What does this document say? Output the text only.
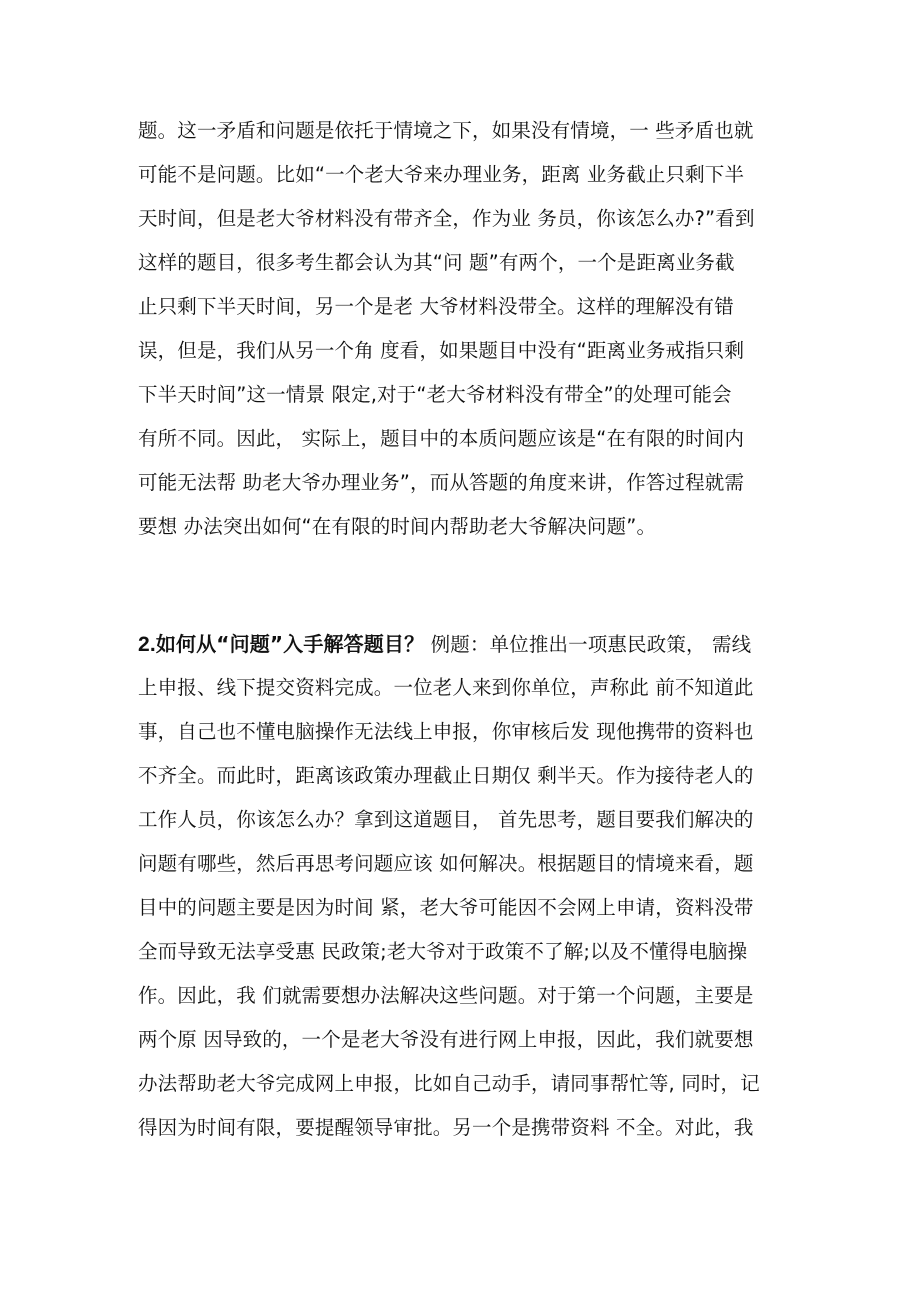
题。这一矛盾和问题是依托于情境之下，如果没有情境，一 些矛盾也就
可能不是问题。比如“一个老大爷来办理业务，距离 业务截止只剩下半
天时间，但是老大爷材料没有带齐全，作为业 务员，你该怎么办?”看到
这样的题目，很多考生都会认为其“问 题”有两个，一个是距离业务截
止只剩下半天时间，另一个是老 大爷材料没带全。这样的理解没有错
误，但是，我们从另一个角 度看，如果题目中没有“距离业务戒指只剩
下半天时间”这一情景 限定,对于“老大爷材料没有带全”的处理可能会
有所不同。因此， 实际上，题目中的本质问题应该是“在有限的时间内
可能无法帮 助老大爷办理业务”，而从答题的角度来讲，作答过程就需
要想 办法突出如何“在有限的时间内帮助老大爷解决问题”。
2.如何从“问题”入手解答题目？ 例题：单位推出一项惠民政策， 需线
上申报、线下提交资料完成。一位老人来到你单位，声称此 前不知道此
事，自己也不懂电脑操作无法线上申报，你审核后发 现他携带的资料也
不齐全。而此时，距离该政策办理截止日期仅 剩半天。作为接待老人的
工作人员，你该怎么办？拿到这道题目， 首先思考，题目要我们解决的
问题有哪些，然后再思考问题应该 如何解决。根据题目的情境来看，题
目中的问题主要是因为时间 紧，老大爷可能因不会网上申请，资料没带
全而导致无法享受惠 民政策;老大爷对于政策不了解;以及不懂得电脑操
作。因此，我 们就需要想办法解决这些问题。对于第一个问题，主要是
两个原 因导致的，一个是老大爷没有进行网上申报，因此，我们就要想
办法帮助老大爷完成网上申报，比如自己动手，请同事帮忙等, 同时，记
得因为时间有限，要提醒领导审批。另一个是携带资料 不全。对此，我
